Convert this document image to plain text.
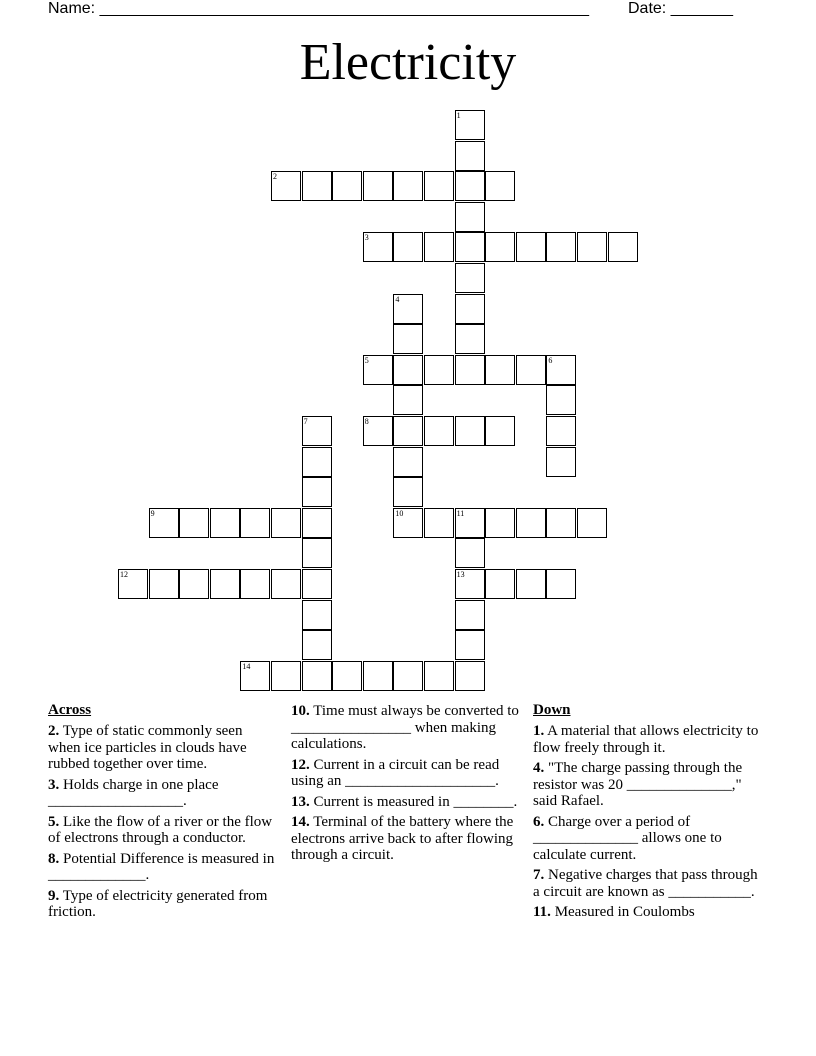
Name: _______________________________________________________ Date: _______
Electricity
1
2
3
4
10
5	6
7	8
9	11
13
12
14
Across
2. Type of static commonly seen when ice particles in clouds have rubbed together over time.
3. Holds charge in one place __________________.
5. Like the flow of a river or the flow of electrons through a conductor.
8. Potential Difference is measured in _____________.
9. Type of electricity generated from friction.
10. Time must always be converted to ________________ when making calculations.
12. Current in a circuit can be read using an ____________________.
13. Current is measured in ________.
14. Terminal of the battery where the electrons arrive back to after flowing through a circuit.
Down
1. A material that allows electricity to flow freely through it.
4. "The charge passing through the resistor was 20 ______________," said Rafael.
6. Charge over a period of ______________ allows one to calculate current.
7. Negative charges that pass through a circuit are known as ___________.
11. Measured in Coulombs
